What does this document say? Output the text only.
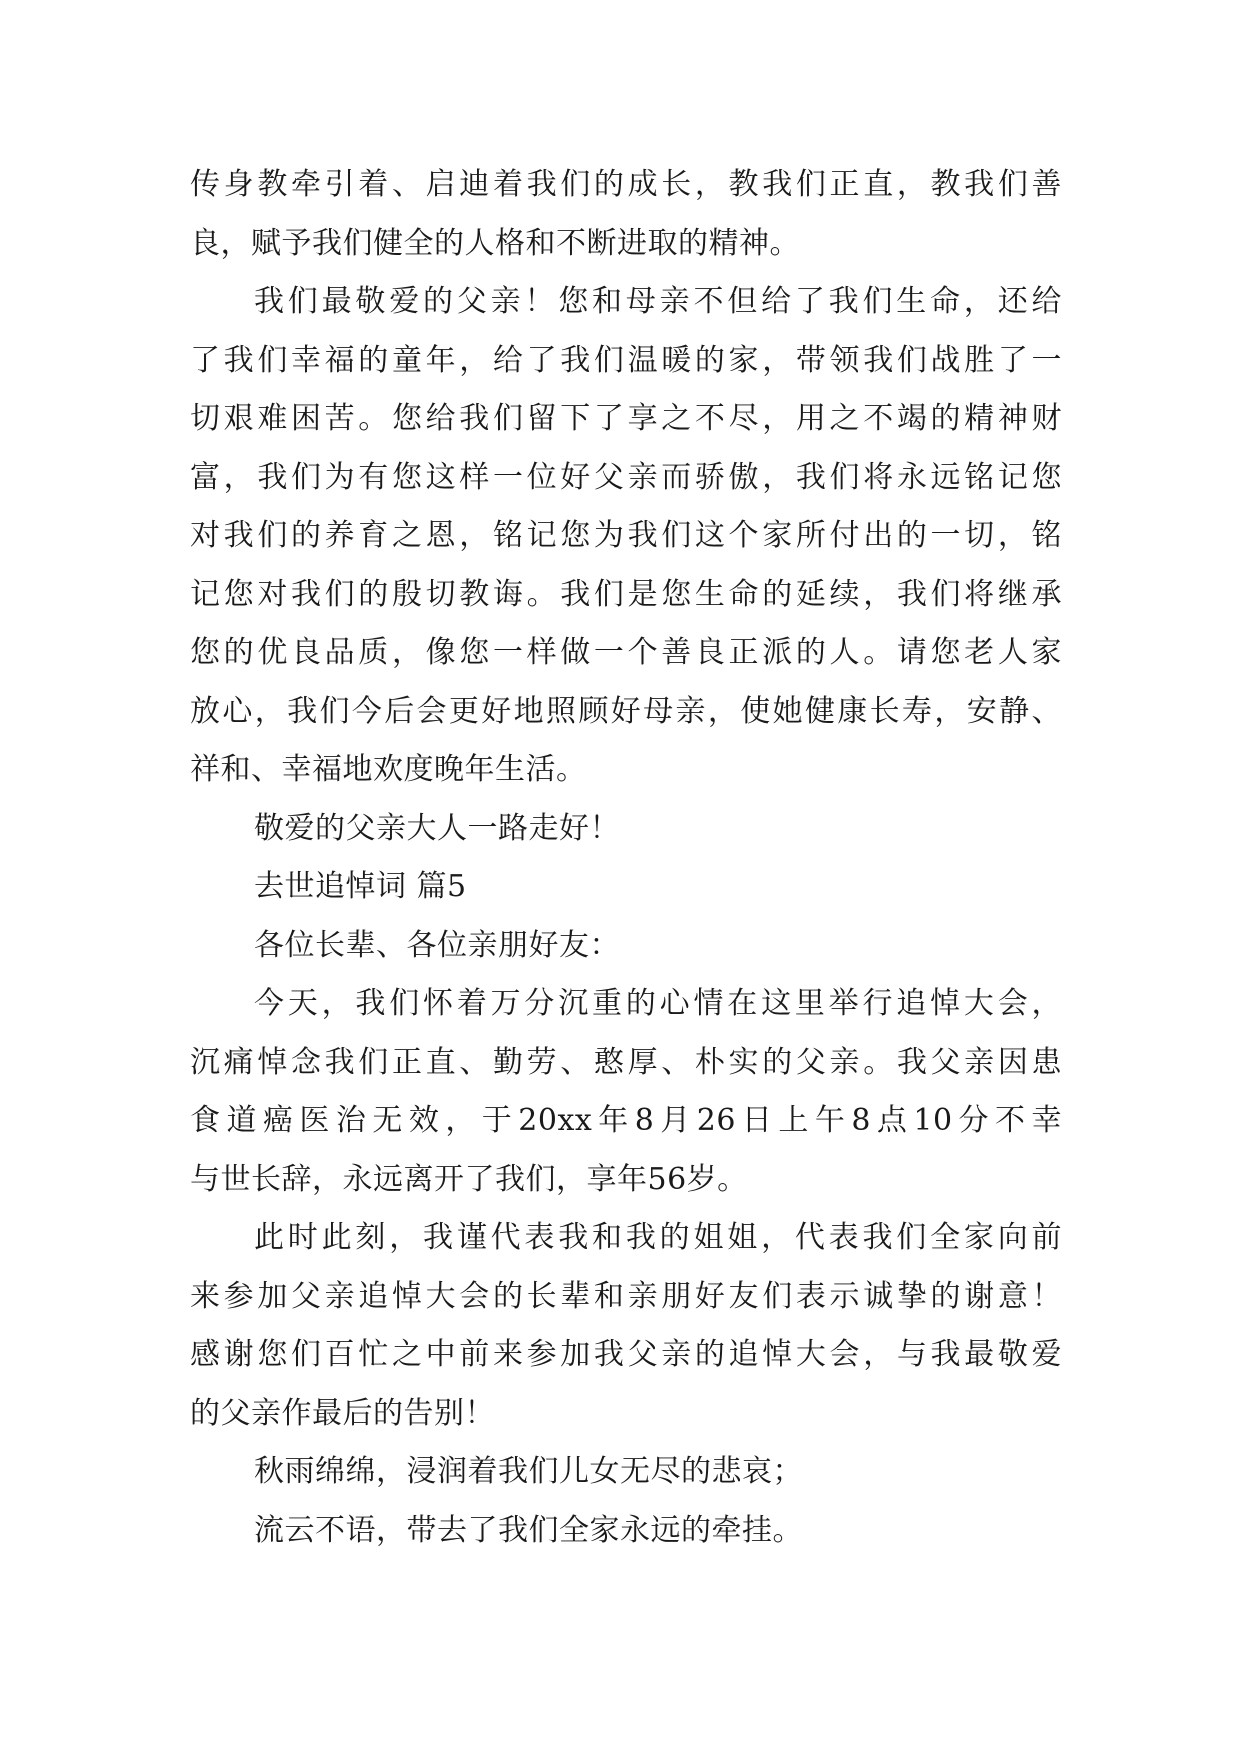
传身教牵引着、启迪着我们的成长，教我们正直，教我们善
良，赋予我们健全的人格和不断进取的精神。
我们最敬爱的父亲！您和母亲不但给了我们生命，还给
了我们幸福的童年，给了我们温暖的家，带领我们战胜了一
切艰难困苦。您给我们留下了享之不尽，用之不竭的精神财
富，我们为有您这样一位好父亲而骄傲，我们将永远铭记您
对我们的养育之恩，铭记您为我们这个家所付出的一切，铭
记您对我们的殷切教诲。我们是您生命的延续，我们将继承
您的优良品质，像您一样做一个善良正派的人。请您老人家
放心，我们今后会更好地照顾好母亲，使她健康长寿，安静、
祥和、幸福地欢度晚年生活。
敬爱的父亲大人一路走好！
去世追悼词 篇5
各位长辈、各位亲朋好友：
今天，我们怀着万分沉重的心情在这里举行追悼大会，
沉痛悼念我们正直、勤劳、憨厚、朴实的父亲。我父亲因患
食道癌医治无效，于20xx年8月26日上午8点10分不幸
与世长辞，永远离开了我们，享年56岁。
此时此刻，我谨代表我和我的姐姐，代表我们全家向前
来参加父亲追悼大会的长辈和亲朋好友们表示诚挚的谢意！
感谢您们百忙之中前来参加我父亲的追悼大会，与我最敬爱
的父亲作最后的告别！
秋雨绵绵，浸润着我们儿女无尽的悲哀；
流云不语，带去了我们全家永远的牵挂。
